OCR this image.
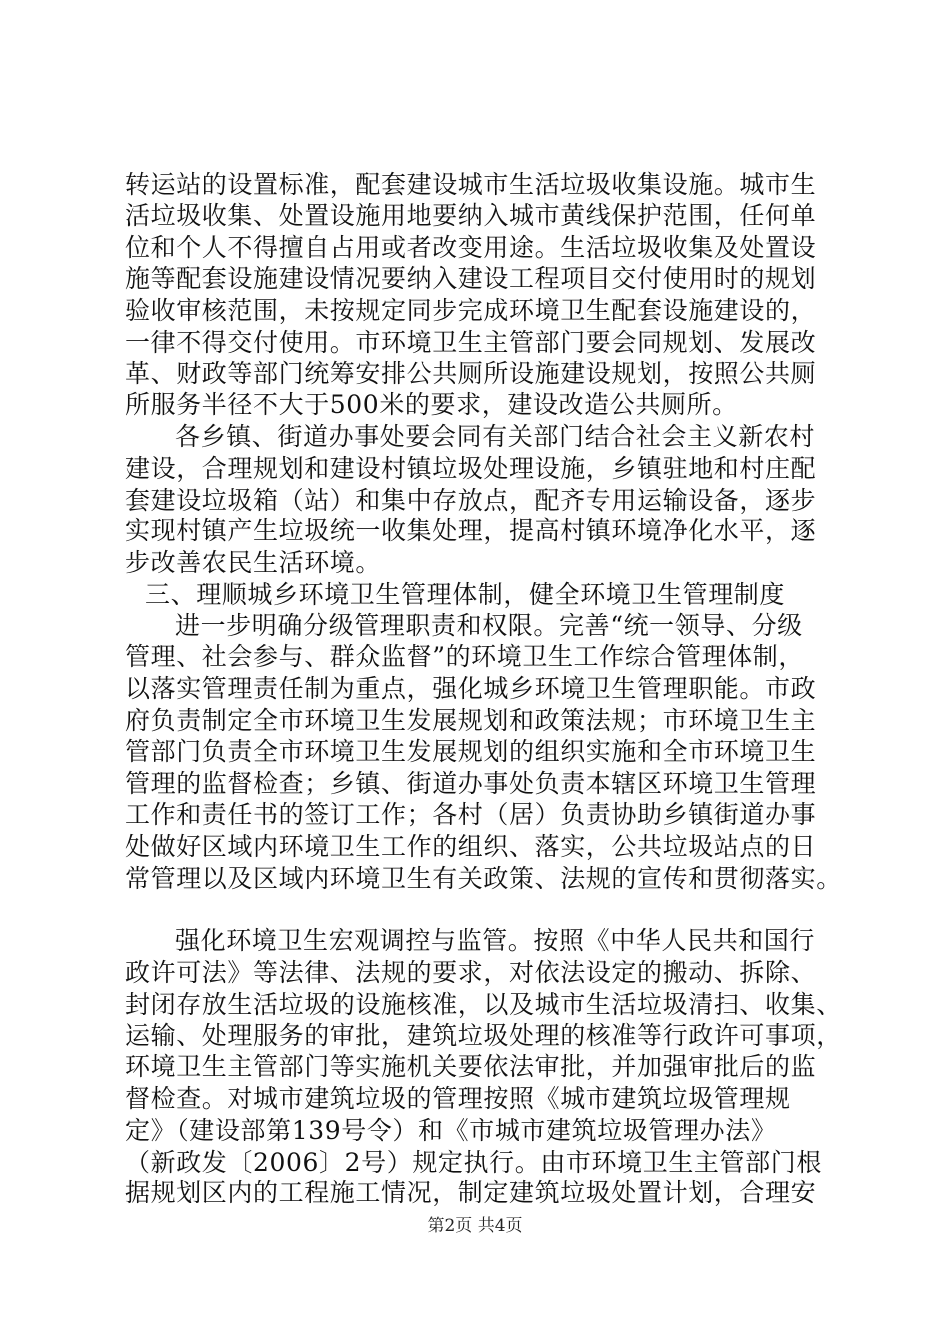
转运站的设置标准，配套建设城市生活垃圾收集设施。城市生
活垃圾收集、处置设施用地要纳入城市黄线保护范围，任何单
位和个人不得擅自占用或者改变用途。生活垃圾收集及处置设
施等配套设施建设情况要纳入建设工程项目交付使用时的规划
验收审核范围，未按规定同步完成环境卫生配套设施建设的，
一律不得交付使用。市环境卫生主管部门要会同规划、发展改
革、财政等部门统筹安排公共厕所设施建设规划，按照公共厕
所服务半径不大于500米的要求，建设改造公共厕所。
各乡镇、街道办事处要会同有关部门结合社会主义新农村
建设，合理规划和建设村镇垃圾处理设施，乡镇驻地和村庄配
套建设垃圾箱（站）和集中存放点，配齐专用运输设备，逐步
实现村镇产生垃圾统一收集处理，提高村镇环境净化水平，逐
步改善农民生活环境。
三、理顺城乡环境卫生管理体制，健全环境卫生管理制度
进一步明确分级管理职责和权限。完善“统一领导、分级
管理、社会参与、群众监督”的环境卫生工作综合管理体制，
以落实管理责任制为重点，强化城乡环境卫生管理职能。市政
府负责制定全市环境卫生发展规划和政策法规；市环境卫生主
管部门负责全市环境卫生发展规划的组织实施和全市环境卫生
管理的监督检查；乡镇、街道办事处负责本辖区环境卫生管理
工作和责任书的签订工作；各村（居）负责协助乡镇街道办事
处做好区域内环境卫生工作的组织、落实，公共垃圾站点的日
常管理以及区域内环境卫生有关政策、法规的宣传和贯彻落实。
强化环境卫生宏观调控与监管。按照《中华人民共和国行
政许可法》等法律、法规的要求，对依法设定的搬动、拆除、
封闭存放生活垃圾的设施核准，以及城市生活垃圾清扫、收集、
运输、处理服务的审批，建筑垃圾处理的核准等行政许可事项，
环境卫生主管部门等实施机关要依法审批，并加强审批后的监
督检查。对城市建筑垃圾的管理按照《城市建筑垃圾管理规
定》（建设部第139号令）和《市城市建筑垃圾管理办法》
（新政发〔2006〕2号）规定执行。由市环境卫生主管部门根
据规划区内的工程施工情况，制定建筑垃圾处置计划，合理安
第2页 共4页
